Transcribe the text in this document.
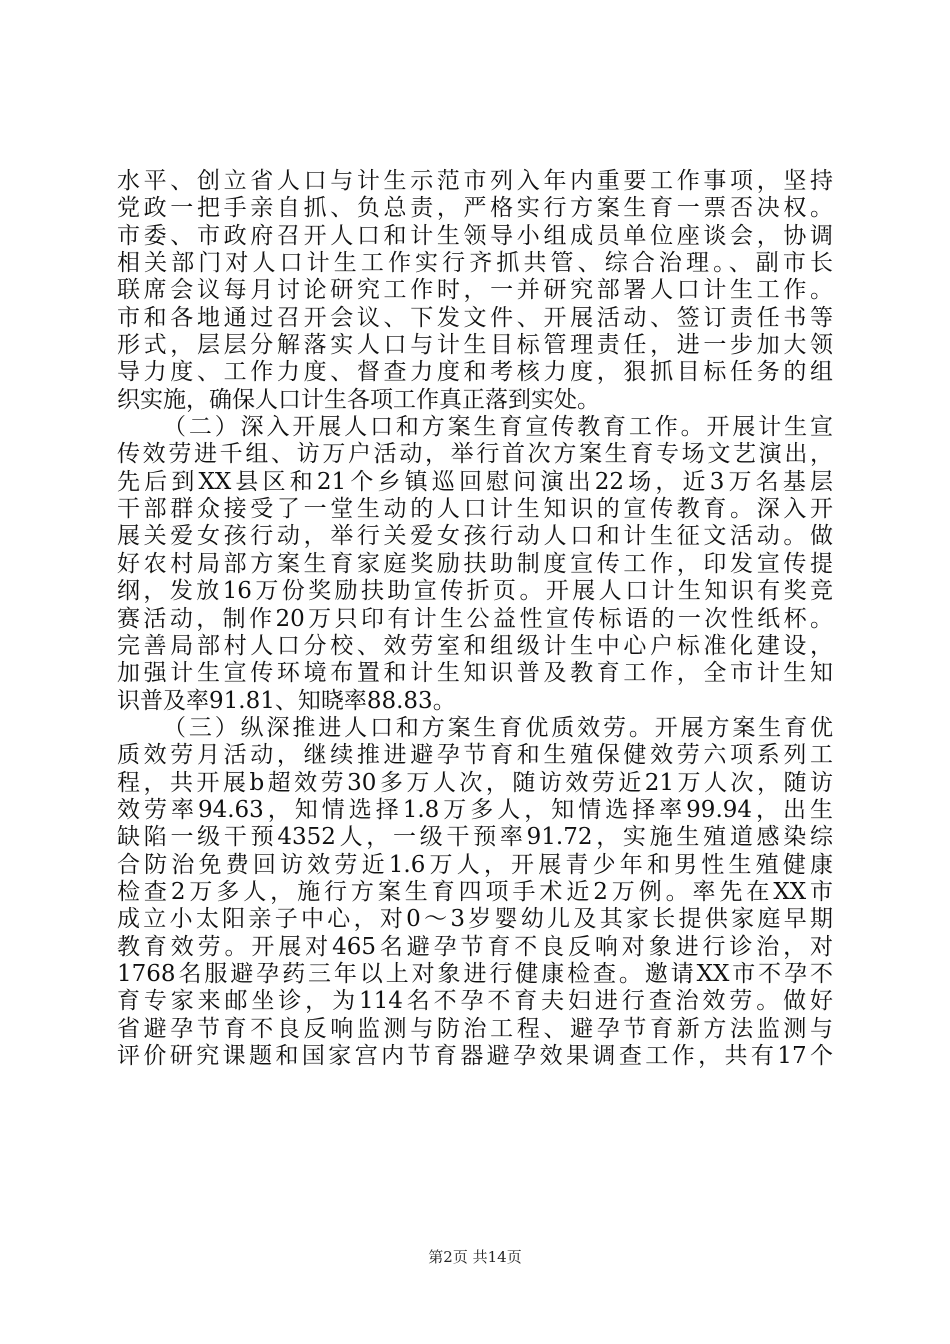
水平、创立省人口与计生示范市列入年内重要工作事项，坚持
党政一把手亲自抓、负总责，严格实行方案生育一票否决权。
市委、市政府召开人口和计生领导小组成员单位座谈会，协调
相关部门对人口计生工作实行齐抓共管、综合治理。、副市长
联席会议每月讨论研究工作时，一并研究部署人口计生工作。
市和各地通过召开会议、下发文件、开展活动、签订责任书等
形式，层层分解落实人口与计生目标管理责任，进一步加大领
导力度、工作力度、督查力度和考核力度，狠抓目标任务的组
织实施，确保人口计生各项工作真正落到实处。
（二）深入开展人口和方案生育宣传教育工作。开展计生宣
传效劳进千组、访万户活动，举行首次方案生育专场文艺演出，
先后到XX县区和21个乡镇巡回慰问演出22场，近3万名基层
干部群众接受了一堂生动的人口计生知识的宣传教育。深入开
展关爱女孩行动，举行关爱女孩行动人口和计生征文活动。做
好农村局部方案生育家庭奖励扶助制度宣传工作，印发宣传提
纲，发放16万份奖励扶助宣传折页。开展人口计生知识有奖竞
赛活动，制作20万只印有计生公益性宣传标语的一次性纸杯。
完善局部村人口分校、效劳室和组级计生中心户标准化建设，
加强计生宣传环境布置和计生知识普及教育工作，全市计生知
识普及率91.81、知晓率88.83。
（三）纵深推进人口和方案生育优质效劳。开展方案生育优
质效劳月活动，继续推进避孕节育和生殖保健效劳六项系列工
程，共开展b超效劳30多万人次，随访效劳近21万人次，随访
效劳率94.63，知情选择1.8万多人，知情选择率99.94，出生
缺陷一级干预4352人，一级干预率91.72，实施生殖道感染综
合防治免费回访效劳近1.6万人，开展青少年和男性生殖健康
检查2万多人，施行方案生育四项手术近2万例。率先在XX市
成立小太阳亲子中心，对0～3岁婴幼儿及其家长提供家庭早期
教育效劳。开展对465名避孕节育不良反响对象进行诊治，对
1768名服避孕药三年以上对象进行健康检查。邀请XX市不孕不
育专家来邮坐诊，为114名不孕不育夫妇进行查治效劳。做好
省避孕节育不良反响监测与防治工程、避孕节育新方法监测与
评价研究课题和国家宫内节育器避孕效果调查工作，共有17个
第2页 共14页
